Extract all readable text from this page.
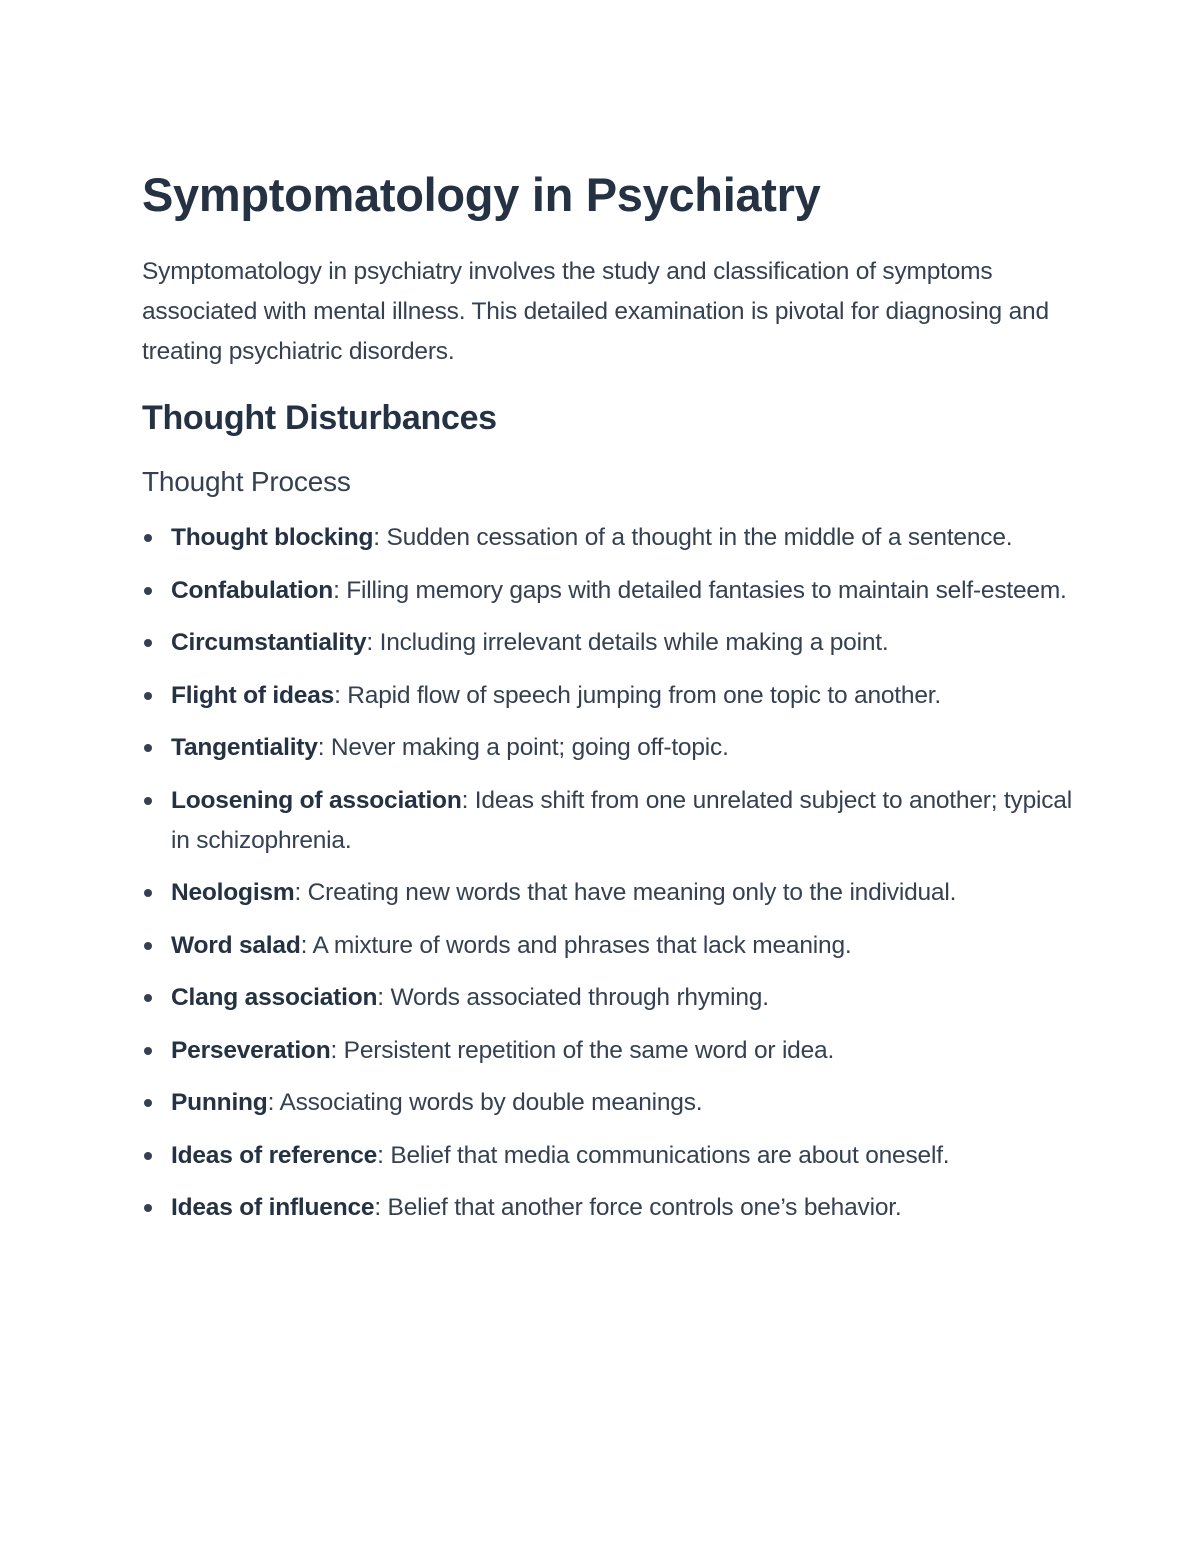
Symptomatology in Psychiatry

Symptomatology in psychiatry involves the study and classification of symptoms associated with mental illness. This detailed examination is pivotal for diagnosing and treating psychiatric disorders.

Thought Disturbances
Thought Process
Thought blocking: Sudden cessation of a thought in the middle of a sentence.
Confabulation: Filling memory gaps with detailed fantasies to maintain self-esteem.
Circumstantiality: Including irrelevant details while making a point.
Flight of ideas: Rapid flow of speech jumping from one topic to another.
Tangentiality: Never making a point; going off-topic.
Loosening of association: Ideas shift from one unrelated subject to another; typical in schizophrenia.
Neologism: Creating new words that have meaning only to the individual.
Word salad: A mixture of words and phrases that lack meaning.
Clang association: Words associated through rhyming.
Perseveration: Persistent repetition of the same word or idea.
Punning: Associating words by double meanings.
Ideas of reference: Belief that media communications are about oneself.
Ideas of influence: Belief that another force controls one’s behavior.
